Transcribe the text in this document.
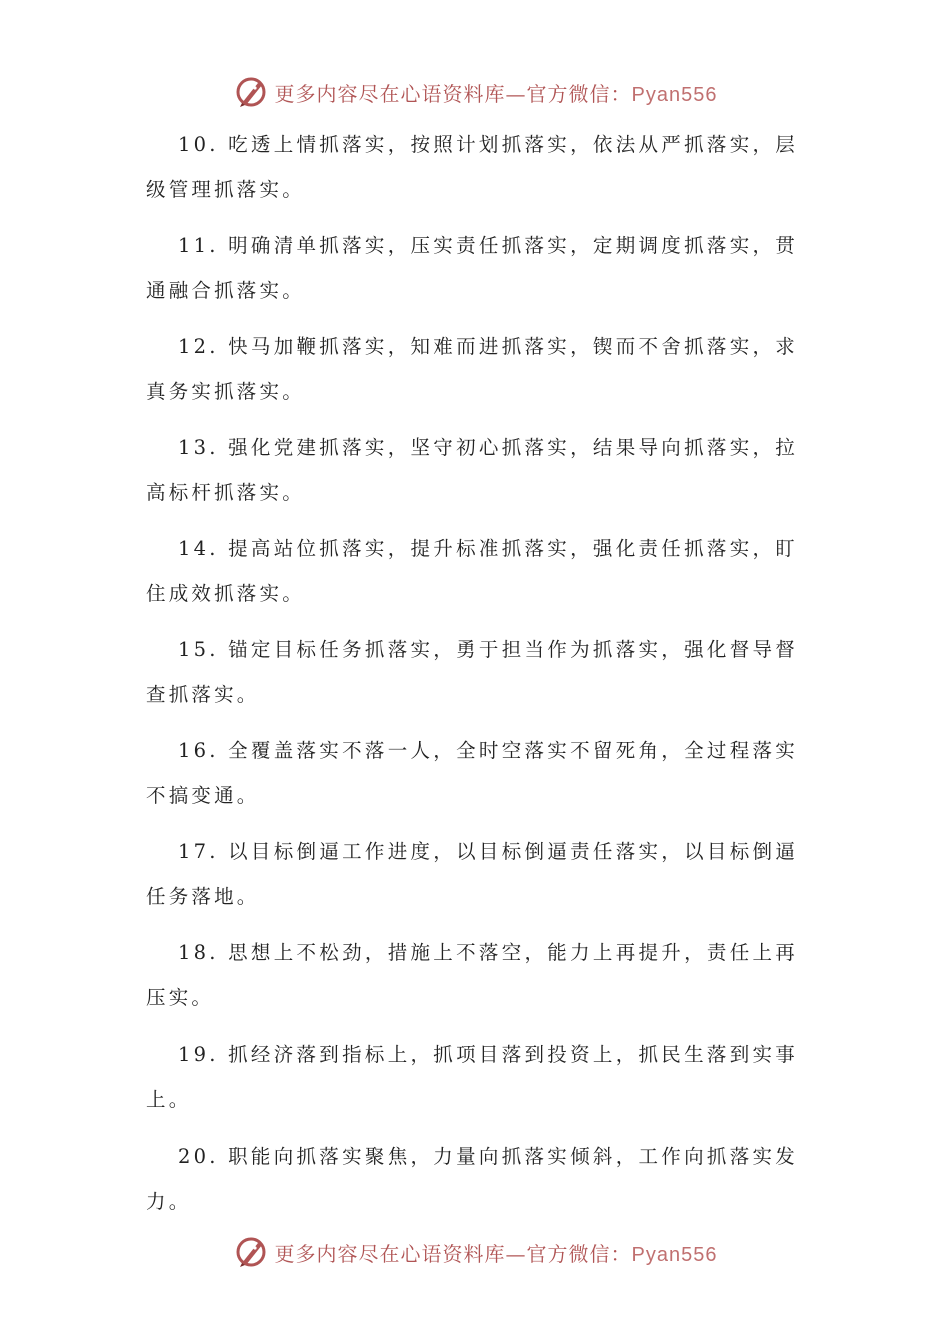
更多内容尽在心语资料库—官方微信：Pyan556

10. 吃透上情抓落实，按照计划抓落实，依法从严抓落实，层级管理抓落实。

11. 明确清单抓落实，压实责任抓落实，定期调度抓落实，贯通融合抓落实。

12. 快马加鞭抓落实，知难而进抓落实，锲而不舍抓落实，求真务实抓落实。

13. 强化党建抓落实，坚守初心抓落实，结果导向抓落实，拉高标杆抓落实。

14. 提高站位抓落实，提升标准抓落实，强化责任抓落实，盯住成效抓落实。

15. 锚定目标任务抓落实，勇于担当作为抓落实，强化督导督查抓落实。

16. 全覆盖落实不落一人，全时空落实不留死角，全过程落实不搞变通。

17. 以目标倒逼工作进度，以目标倒逼责任落实，以目标倒逼任务落地。

18. 思想上不松劲，措施上不落空，能力上再提升，责任上再压实。

19. 抓经济落到指标上，抓项目落到投资上，抓民生落到实事上。

20. 职能向抓落实聚焦，力量向抓落实倾斜，工作向抓落实发力。

更多内容尽在心语资料库—官方微信：Pyan556
